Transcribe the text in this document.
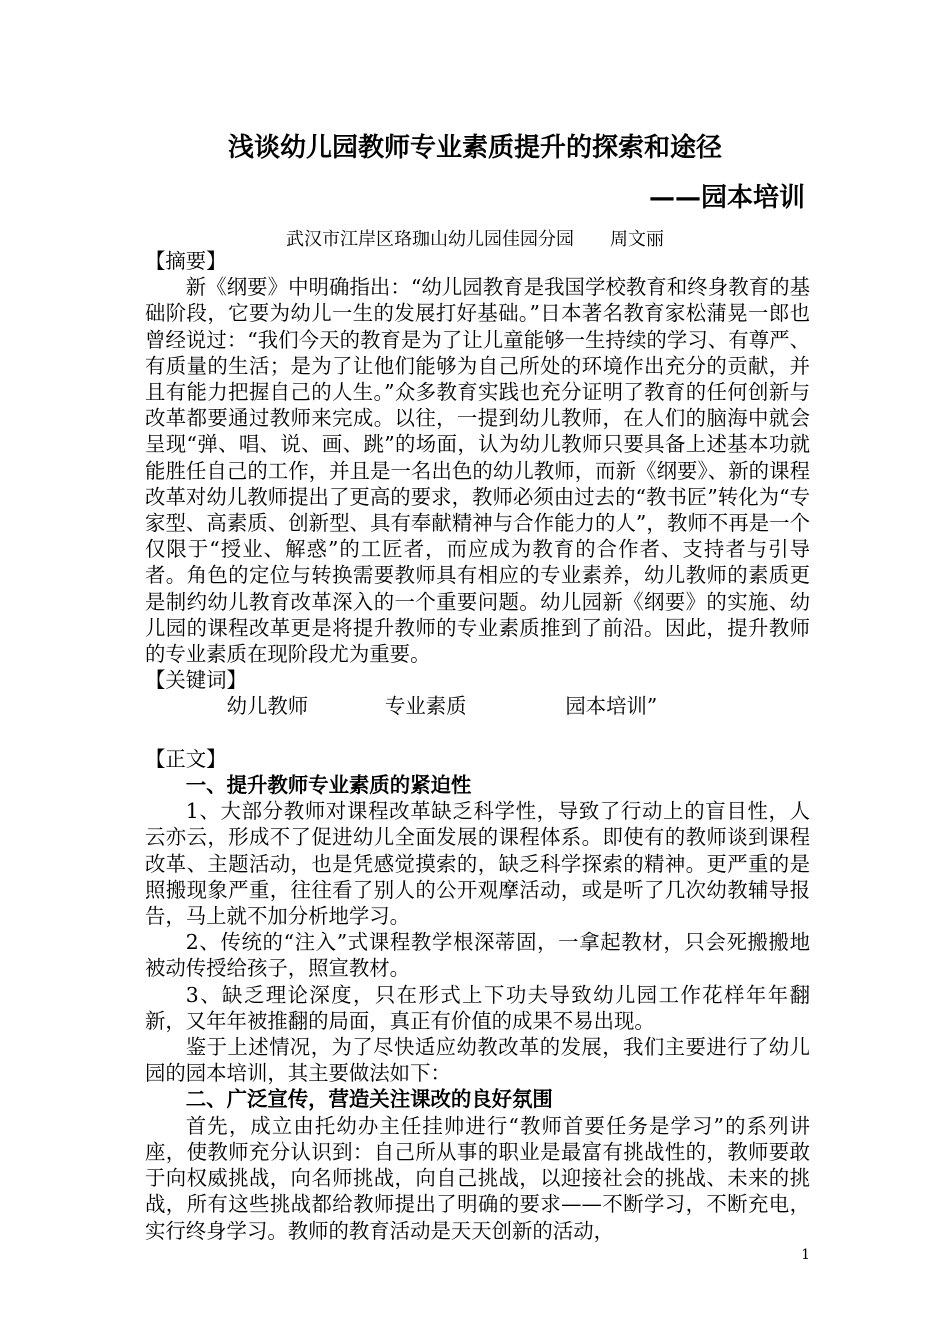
浅谈幼儿园教师专业素质提升的探索和途径
——园本培训
武汉市江岸区珞珈山幼儿园佳园分园 周文丽

【摘要】

新《纲要》中明确指出：“幼儿园教育是我国学校教育和终身教育的基础阶段，它要为幼儿一生的发展打好基础。”日本著名教育家松蒲晃一郎也曾经说过：“我们今天的教育是为了让儿童能够一生持续的学习、有尊严、有质量的生活；是为了让他们能够为自己所处的环境作出充分的贡献，并且有能力把握自己的人生。”众多教育实践也充分证明了教育的任何创新与改革都要通过教师来完成。以往，一提到幼儿教师，在人们的脑海中就会呈现“弹、唱、说、画、跳”的场面，认为幼儿教师只要具备上述基本功就能胜任自己的工作，并且是一名出色的幼儿教师，而新《纲要》、新的课程改革对幼儿教师提出了更高的要求，教师必须由过去的“教书匠”转化为“专家型、高素质、创新型、具有奉献精神与合作能力的人”，教师不再是一个仅限于“授业、解惑”的工匠者，而应成为教育的合作者、支持者与引导者。角色的定位与转换需要教师具有相应的专业素养，幼儿教师的素质更是制约幼儿教育改革深入的一个重要问题。幼儿园新《纲要》的实施、幼儿园的课程改革更是将提升教师的专业素质推到了前沿。因此，提升教师的专业素质在现阶段尤为重要。

【关键词】

幼儿教师	专业素质	园本培训”

【正文】

一、提升教师专业素质的紧迫性

1、大部分教师对课程改革缺乏科学性，导致了行动上的盲目性，人云亦云，形成不了促进幼儿全面发展的课程体系。即使有的教师谈到课程改革、主题活动，也是凭感觉摸索的，缺乏科学探索的精神。更严重的是照搬现象严重，往往看了别人的公开观摩活动，或是听了几次幼教辅导报告，马上就不加分析地学习。

2、传统的“注入”式课程教学根深蒂固，一拿起教材，只会死搬搬地被动传授给孩子，照宣教材。

3、缺乏理论深度，只在形式上下功夫导致幼儿园工作花样年年翻新，又年年被推翻的局面，真正有价值的成果不易出现。

鉴于上述情况，为了尽快适应幼教改革的发展，我们主要进行了幼儿园的园本培训，其主要做法如下：

二、广泛宣传，营造关注课改的良好氛围

首先，成立由托幼办主任挂帅进行“教师首要任务是学习”的系列讲座，使教师充分认识到：自己所从事的职业是最富有挑战性的，教师要敢于向权威挑战，向名师挑战，向自己挑战，以迎接社会的挑战、未来的挑战，所有这些挑战都给教师提出了明确的要求——不断学习，不断充电，实行终身学习。教师的教育活动是天天创新的活动，

1
